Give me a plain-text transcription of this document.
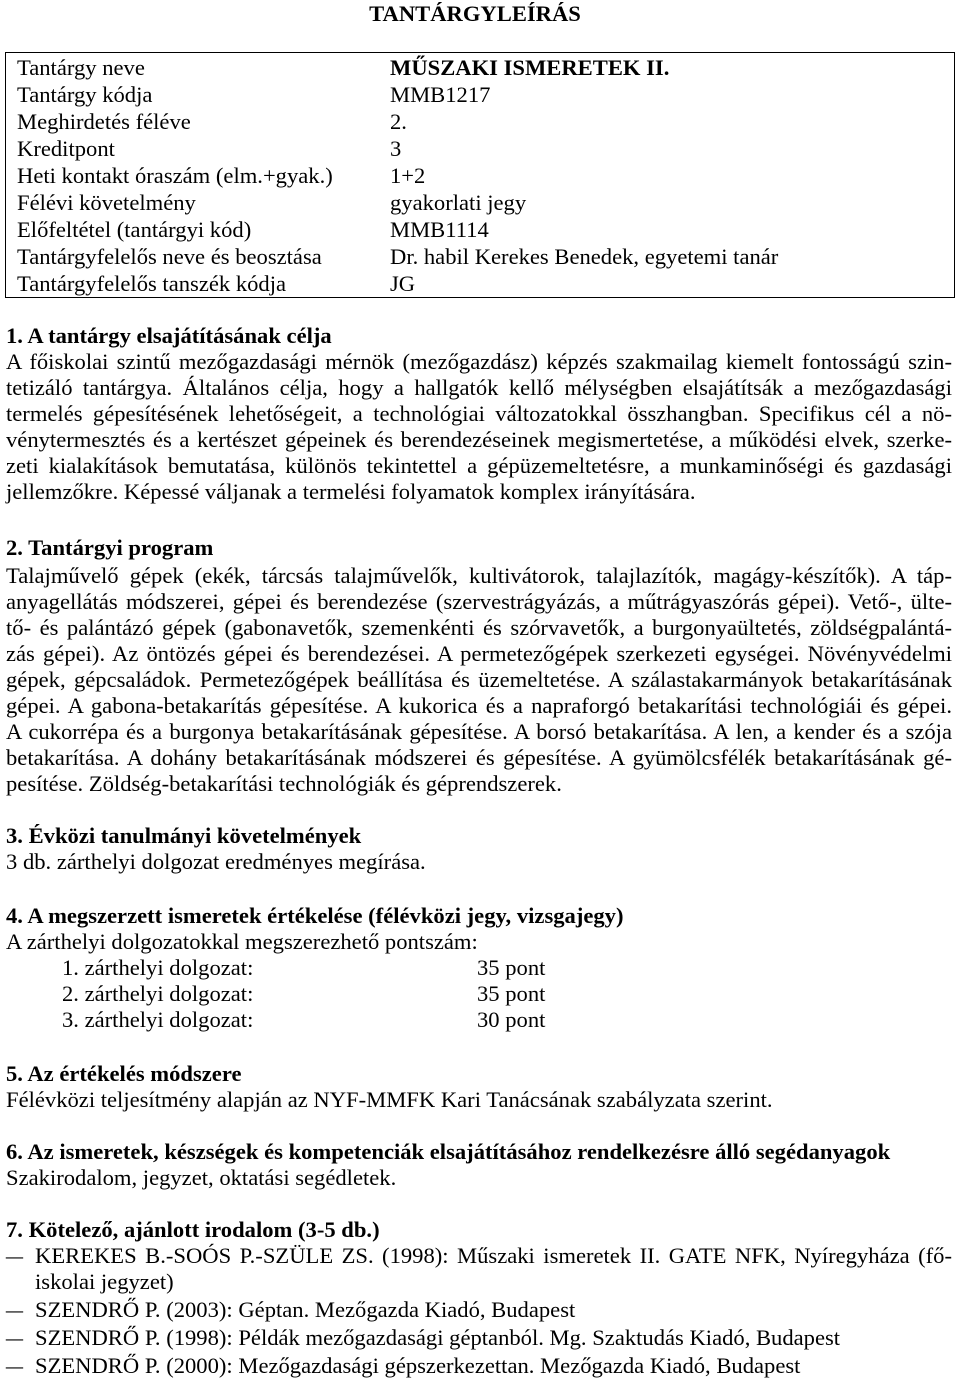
TANTÁRGYLEÍRÁS
Tantárgy neve	MŰSZAKI ISMERETEK II.
Tantárgy kódja	MMB1217
Meghirdetés féléve	2.
Kreditpont	3
Heti kontakt óraszám (elm.+gyak.)	1+2
Félévi követelmény	gyakorlati jegy
Előfeltétel (tantárgyi kód)	MMB1114
Tantárgyfelelős neve és beosztása	Dr. habil Kerekes Benedek, egyetemi tanár
Tantárgyfelelős tanszék kódja	JG
1. A tantárgy elsajátításának célja
A főiskolai szintű mezőgazdasági mérnök (mezőgazdász) képzés szakmailag kiemelt fontosságú szin-
tetizáló tantárgya. Általános célja, hogy a hallgatók kellő mélységben elsajátítsák a mezőgazdasági
termelés gépesítésének lehetőségeit, a technológiai változatokkal összhangban. Specifikus cél a nö-
vénytermesztés és a kertészet gépeinek és berendezéseinek megismertetése, a működési elvek, szerke-
zeti kialakítások bemutatása, különös tekintettel a gépüzemeltetésre, a munkaminőségi és gazdasági
jellemzőkre. Képessé váljanak a termelési folyamatok komplex irányítására.
2. Tantárgyi program
Talajművelő gépek (ekék, tárcsás talajművelők, kultivátorok, talajlazítók, magágy-készítők). A táp-
anyagellátás módszerei, gépei és berendezése (szervestrágyázás, a műtrágyaszórás gépei). Vető-, ülte-
tő- és palántázó gépek (gabonavetők, szemenkénti és szórvavetők, a burgonyaültetés, zöldségpalántá-
zás gépei). Az öntözés gépei és berendezései. A permetezőgépek szerkezeti egységei. Növényvédelmi
gépek, gépcsaládok. Permetezőgépek beállítása és üzemeltetése. A szálastakarmányok betakarításának
gépei. A gabona-betakarítás gépesítése. A kukorica és a napraforgó betakarítási technológiái és gépei.
A cukorrépa és a burgonya betakarításának gépesítése. A borsó betakarítása. A len, a kender és a szója
betakarítása. A dohány betakarításának módszerei és gépesítése. A gyümölcsfélék betakarításának gé-
pesítése. Zöldség-betakarítási technológiák és géprendszerek.
3. Évközi tanulmányi követelmények
3 db. zárthelyi dolgozat eredményes megírása.
4. A megszerzett ismeretek értékelése (félévközi jegy, vizsgajegy)
A zárthelyi dolgozatokkal megszerezhető pontszám:
1. zárthelyi dolgozat:	35 pont
2. zárthelyi dolgozat:	35 pont
3. zárthelyi dolgozat:	30 pont
5. Az értékelés módszere
Félévközi teljesítmény alapján az NYF-MMFK Kari Tanácsának szabályzata szerint.
6. Az ismeretek, készségek és kompetenciák elsajátításához rendelkezésre álló segédanyagok
Szakirodalom, jegyzet, oktatási segédletek.
7. Kötelező, ajánlott irodalom (3-5 db.)
– KEREKES B.-SOÓS P.-SZÜLE ZS. (1998): Műszaki ismeretek II. GATE NFK, Nyíregyháza (fő-
iskolai jegyzet)
– SZENDRŐ P. (2003): Géptan. Mezőgazda Kiadó, Budapest
– SZENDRŐ P. (1998): Példák mezőgazdasági géptanból. Mg. Szaktudás Kiadó, Budapest
– SZENDRŐ P. (2000): Mezőgazdasági gépszerkezettan. Mezőgazda Kiadó, Budapest
